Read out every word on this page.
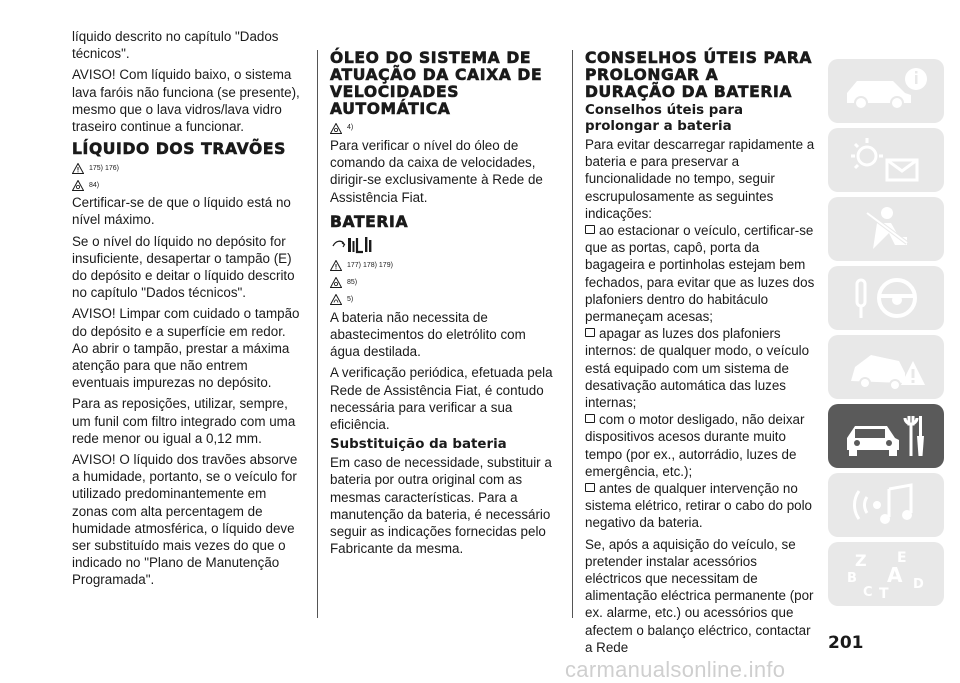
líquido descrito no capítulo "Dados técnicos".

AVISO! Com líquido baixo, o sistema lava faróis não funciona (se presente), mesmo que o lava vidros/lava vidro traseiro continue a funcionar.

LÍQUIDO DOS TRAVÕES
175) 176)
84)

Certificar-se de que o líquido está no nível máximo.

Se o nível do líquido no depósito for insuficiente, desapertar o tampão (E) do depósito e deitar o líquido descrito no capítulo "Dados técnicos".

AVISO! Limpar com cuidado o tampão do depósito e a superfície em redor. Ao abrir o tampão, prestar a máxima atenção para que não entrem eventuais impurezas no depósito.

Para as reposições, utilizar, sempre, um funil com filtro integrado com uma rede menor ou igual a 0,12 mm.

AVISO! O líquido dos travões absorve a humidade, portanto, se o veículo for utilizado predominantemente em zonas com alta percentagem de humidade atmosférica, o líquido deve ser substituído mais vezes do que o indicado no "Plano de Manutenção Programada".

ÓLEO DO SISTEMA DE ATUAÇÃO DA CAIXA DE VELOCIDADES AUTOMÁTICA
4)

Para verificar o nível do óleo de comando da caixa de velocidades, dirigir-se exclusivamente à Rede de Assistência Fiat.

BATERIA
177) 178) 179)
85)
5)

A bateria não necessita de abastecimentos do eletrólito com água destilada.

A verificação periódica, efetuada pela Rede de Assistência Fiat, é contudo necessária para verificar a sua eficiência.

Substituição da bateria

Em caso de necessidade, substituir a bateria por outra original com as mesmas características. Para a manutenção da bateria, é necessário seguir as indicações fornecidas pelo Fabricante da mesma.

CONSELHOS ÚTEIS PARA PROLONGAR A DURAÇÃO DA BATERIA
Conselhos úteis para prolongar a bateria

Para evitar descarregar rapidamente a bateria e para preservar a funcionalidade no tempo, seguir escrupulosamente as seguintes indicações:

ao estacionar o veículo, certificar-se que as portas, capô, porta da bagageira e portinholas estejam bem fechados, para evitar que as luzes dos plafoniers dentro do habitáculo permaneçam acesas;
apagar as luzes dos plafoniers internos: de qualquer modo, o veículo está equipado com um sistema de desativação automática das luzes internas;
com o motor desligado, não deixar dispositivos acesos durante muito tempo (por ex., autorrádio, luzes de emergência, etc.);
antes de qualquer intervenção no sistema elétrico, retirar o cabo do polo negativo da bateria.

Se, após a aquisição do veículo, se pretender instalar acessórios eléctricos que necessitam de alimentação eléctrica permanente (por ex. alarme, etc.) ou acessórios que afectem o balanço eléctrico, contactar a Rede

Z E
B A
C T
D
201
carmanualsonline.info
